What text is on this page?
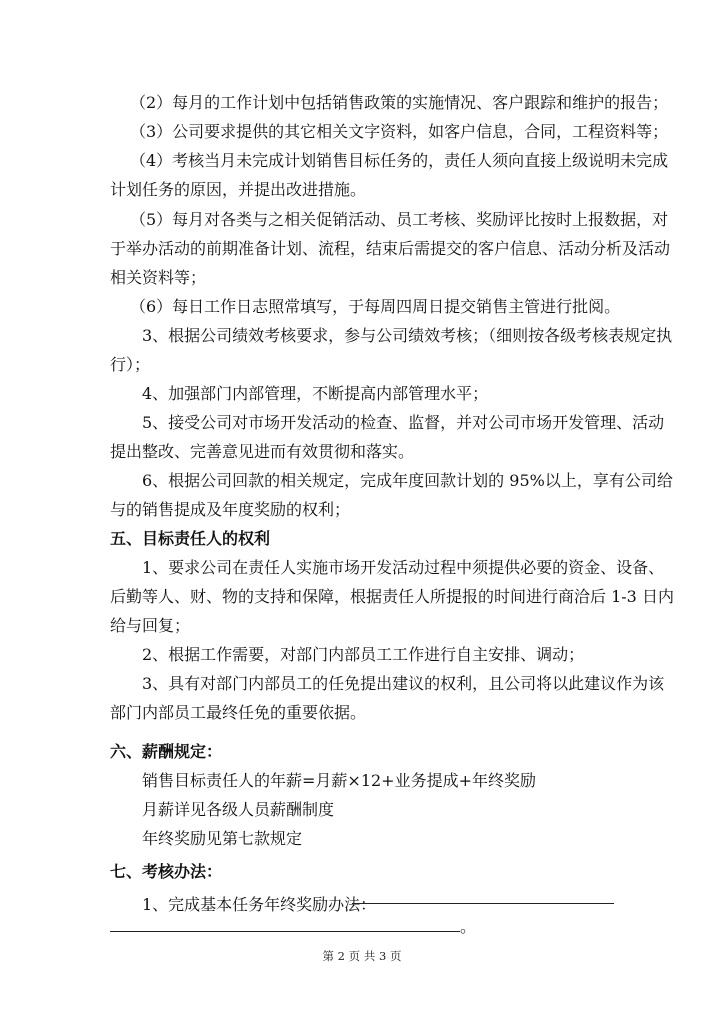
（2）每月的工作计划中包括销售政策的实施情况、客户跟踪和维护的报告；
（3）公司要求提供的其它相关文字资料，如客户信息，合同，工程资料等；
（4）考核当月未完成计划销售目标任务的，责任人须向直接上级说明未完成
计划任务的原因，并提出改进措施。
（5）每月对各类与之相关促销活动、员工考核、奖励评比按时上报数据，对
于举办活动的前期准备计划、流程，结束后需提交的客户信息、活动分析及活动
相关资料等；
（6）每日工作日志照常填写，于每周四周日提交销售主管进行批阅。
3、根据公司绩效考核要求，参与公司绩效考核；（细则按各级考核表规定执
行）；
4、加强部门内部管理，不断提高内部管理水平；
5、接受公司对市场开发活动的检查、监督，并对公司市场开发管理、活动
提出整改、完善意见进而有效贯彻和落实。
6、根据公司回款的相关规定，完成年度回款计划的 95%以上，享有公司给
与的销售提成及年度奖励的权利；
五、目标责任人的权利
1、要求公司在责任人实施市场开发活动过程中须提供必要的资金、设备、
后勤等人、财、物的支持和保障，根据责任人所提报的时间进行商洽后 1-3 日内
给与回复；
2、根据工作需要，对部门内部员工工作进行自主安排、调动；
3、具有对部门内部员工的任免提出建议的权利，且公司将以此建议作为该
部门内部员工最终任免的重要依据。
六、薪酬规定：
销售目标责任人的年薪=月薪×12+业务提成+年终奖励
月薪详见各级人员薪酬制度
年终奖励见第七款规定
七、考核办法：
1、完成基本任务年终奖励办法：
。
第 2 页 共 3 页
